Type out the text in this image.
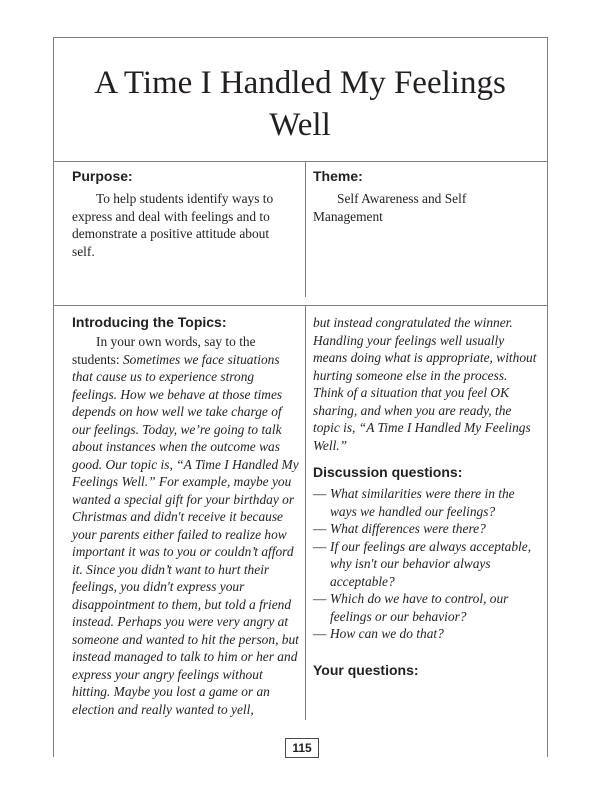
A Time I Handled My Feelings Well
Purpose:

To help students identify ways to express and deal with feelings and to demonstrate a positive attitude about self.

Theme:

Self Awareness and Self Management

Introducing the Topics:

In your own words, say to the students: Sometimes we face situations that cause us to experience strong feelings. How we behave at those times depends on how well we take charge of our feelings. Today, we’re going to talk about instances when the outcome was good. Our topic is, “A Time I Handled My Feelings Well.” For example, maybe you wanted a special gift for your birthday or Christmas and didn't receive it because your parents either failed to realize how important it was to you or couldn’t afford it. Since you didn’t want to hurt their feelings, you didn't express your disappointment to them, but told a friend instead. Perhaps you were very angry at someone and wanted to hit the person, but instead managed to talk to him or her and express your angry feelings without hitting. Maybe you lost a game or an election and really wanted to yell,

but instead congratulated the winner. Handling your feelings well usually means doing what is appropriate, without hurting someone else in the process. Think of a situation that you feel OK sharing, and when you are ready, the topic is, “A Time I Handled My Feelings Well.”

Discussion questions:
— What similarities were there in the ways we handled our feelings?
— What differences were there?
— If our feelings are always acceptable, why isn't our behavior always acceptable?
— Which do we have to control, our feelings or our behavior?
— How can we do that?
Your questions:
115
